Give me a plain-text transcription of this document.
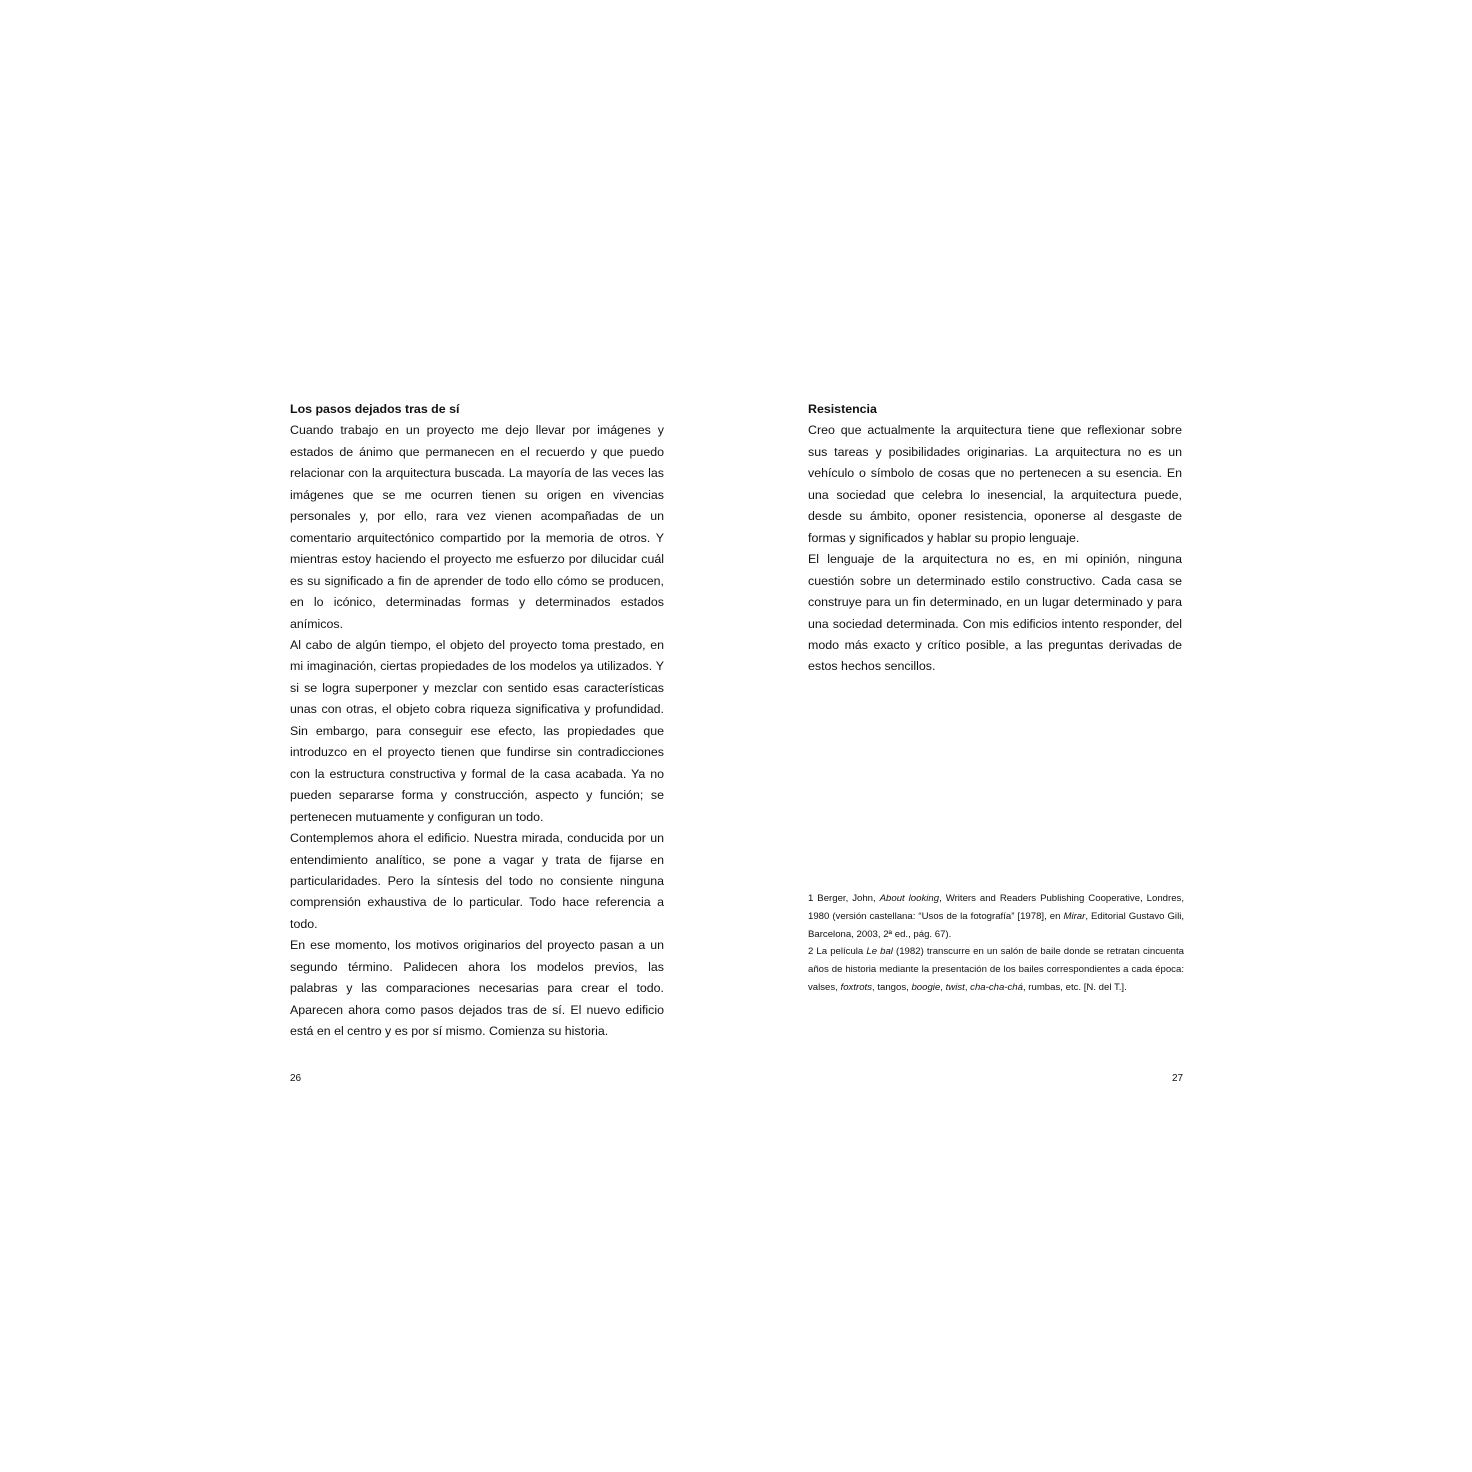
Los pasos dejados tras de sí

Cuando trabajo en un proyecto me dejo llevar por imágenes y estados de ánimo que permanecen en el recuerdo y que puedo relacionar con la arquitectura buscada. La mayoría de las veces las imágenes que se me ocurren tienen su origen en vivencias personales y, por ello, rara vez vienen acompañadas de un comentario arquitectónico compartido por la memoria de otros. Y mientras estoy haciendo el proyecto me esfuerzo por dilucidar cuál es su significado a fin de aprender de todo ello cómo se producen, en lo icónico, determinadas formas y determinados estados anímicos.

Al cabo de algún tiempo, el objeto del proyecto toma prestado, en mi imaginación, ciertas propiedades de los modelos ya utilizados. Y si se logra superponer y mezclar con sentido esas características unas con otras, el objeto cobra riqueza significativa y profundidad. Sin embargo, para conseguir ese efecto, las propiedades que introduzco en el proyecto tienen que fundirse sin contradicciones con la estructura constructiva y formal de la casa acabada. Ya no pueden separarse forma y construcción, aspecto y función; se pertenecen mutuamente y configuran un todo.

Contemplemos ahora el edificio. Nuestra mirada, conducida por un entendimiento analítico, se pone a vagar y trata de fijarse en particularidades. Pero la síntesis del todo no consiente ninguna comprensión exhaustiva de lo particular. Todo hace referencia a todo.

En ese momento, los motivos originarios del proyecto pasan a un segundo término. Palidecen ahora los modelos previos, las palabras y las comparaciones necesarias para crear el todo. Aparecen ahora como pasos dejados tras de sí. El nuevo edificio está en el centro y es por sí mismo. Comienza su historia.

26

Resistencia

Creo que actualmente la arquitectura tiene que reflexionar sobre sus tareas y posibilidades originarias. La arquitectura no es un vehículo o símbolo de cosas que no pertenecen a su esencia. En una sociedad que celebra lo inesencial, la arquitectura puede, desde su ámbito, oponer resistencia, oponerse al desgaste de formas y significados y hablar su propio lenguaje.

El lenguaje de la arquitectura no es, en mi opinión, ninguna cuestión sobre un determinado estilo constructivo. Cada casa se construye para un fin determinado, en un lugar determinado y para una sociedad determinada. Con mis edificios intento responder, del modo más exacto y crítico posible, a las preguntas derivadas de estos hechos sencillos.

1 Berger, John, About looking, Writers and Readers Publishing Cooperative, Londres, 1980 (versión castellana: “Usos de la fotografía” [1978], en Mirar, Editorial Gustavo Gili, Barcelona, 2003, 2ª ed., pág. 67).

2 La película Le bal (1982) transcurre en un salón de baile donde se retratan cincuenta años de historia mediante la presentación de los bailes correspondientes a cada época: valses, foxtrots, tangos, boogie, twist, cha-cha-chá, rumbas, etc. [N. del T.].

27
